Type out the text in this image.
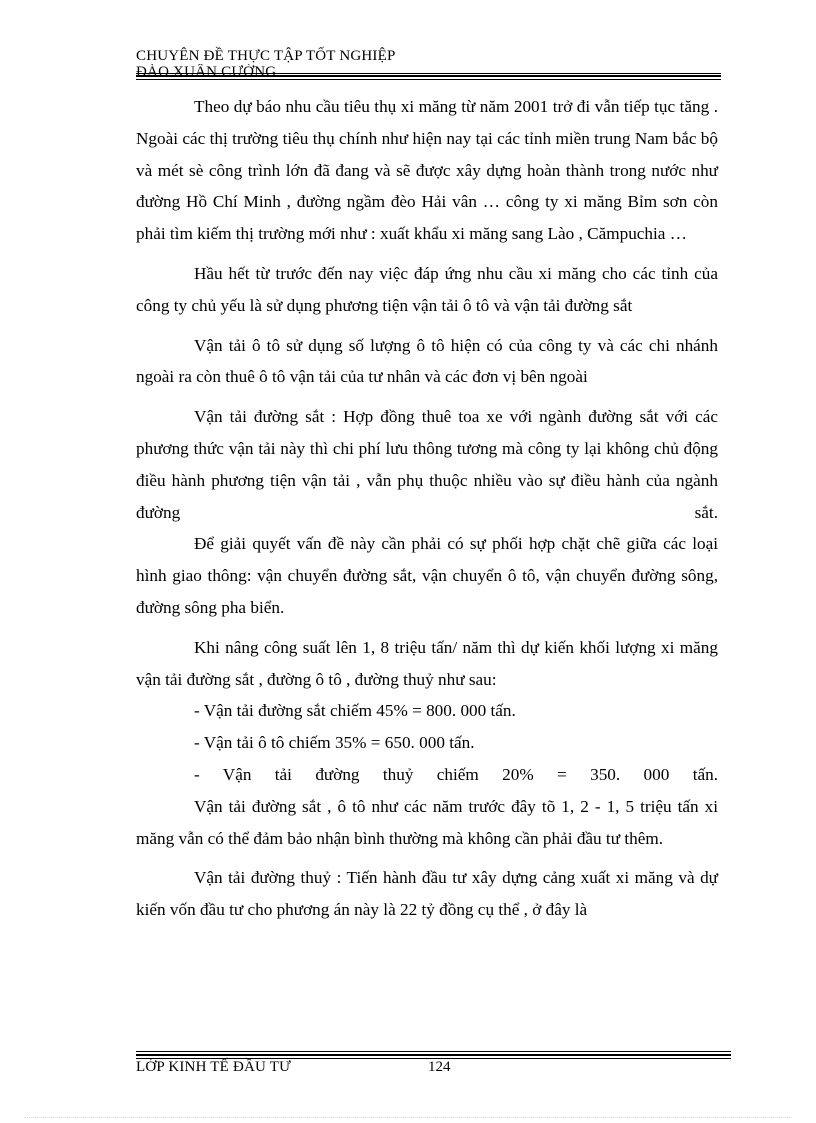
CHUYÊN ĐỀ THỰC TẬP TỐT NGHIỆP
ĐÀO XUÂN CƯỜNG

Theo dự báo nhu cầu tiêu thụ xi măng từ năm 2001 trở đi vẫn tiếp tục tăng . Ngoài các thị trường tiêu thụ chính như hiện nay tại các tỉnh miền trung Nam bắc bộ và mét sè công trình lớn đã đang và sẽ được xây dựng hoàn thành trong nước như đường Hồ Chí Minh , đường ngầm đèo Hải vân … công ty xi măng Bỉm sơn còn phải tìm kiếm thị trường mới như : xuất khẩu xi măng sang Lào , Cămpuchia …

Hầu hết từ trước đến nay việc đáp ứng nhu cầu xi măng cho các tỉnh của công ty chủ yếu là sử dụng phương tiện vận tải ô tô và vận tải đường sắt

Vận tải ô tô sử dụng số lượng ô tô hiện có của công ty và các chi nhánh ngoài ra còn thuê ô tô vận tải của tư nhân và các đơn vị bên ngoài

Vận tải đường sắt : Hợp đồng thuê toa xe với ngành đường sắt với các phương thức vận tải này thì chi phí lưu thông tương mà công ty lại không chủ động điều hành phương tiện vận tải , vẫn phụ thuộc nhiều vào sự điều hành của ngành đường sắt.

Để giải quyết vấn đề này cần phải có sự phối hợp chặt chẽ giữa các loại hình giao thông: vận chuyển đường sắt, vận chuyển ô tô, vận chuyển đường sông, đường sông pha biển.

Khi nâng công suất lên 1, 8 triệu tấn/ năm thì dự kiến khối lượng xi măng vận tải đường sắt , đường ô tô , đường thuỷ như sau:

- Vận tải đường sắt chiếm 45% = 800. 000 tấn.

- Vận tải ô tô chiếm 35% = 650. 000 tấn.

- Vận tải đường thuỷ chiếm 20% = 350. 000 tấn.

Vận tải đường sắt , ô tô như các năm trước đây tõ 1, 2 - 1, 5 triệu tấn xi măng vẫn có thể đảm bảo nhận bình thường mà không cần phải đầu tư thêm.

Vận tải đường thuỷ : Tiến hành đầu tư xây dựng cảng xuất xi măng và dự kiến vốn đầu tư cho phương án này là 22 tỷ đồng cụ thể , ở đây là

LỚP KINH TẾ ĐẦU TƯ	124
